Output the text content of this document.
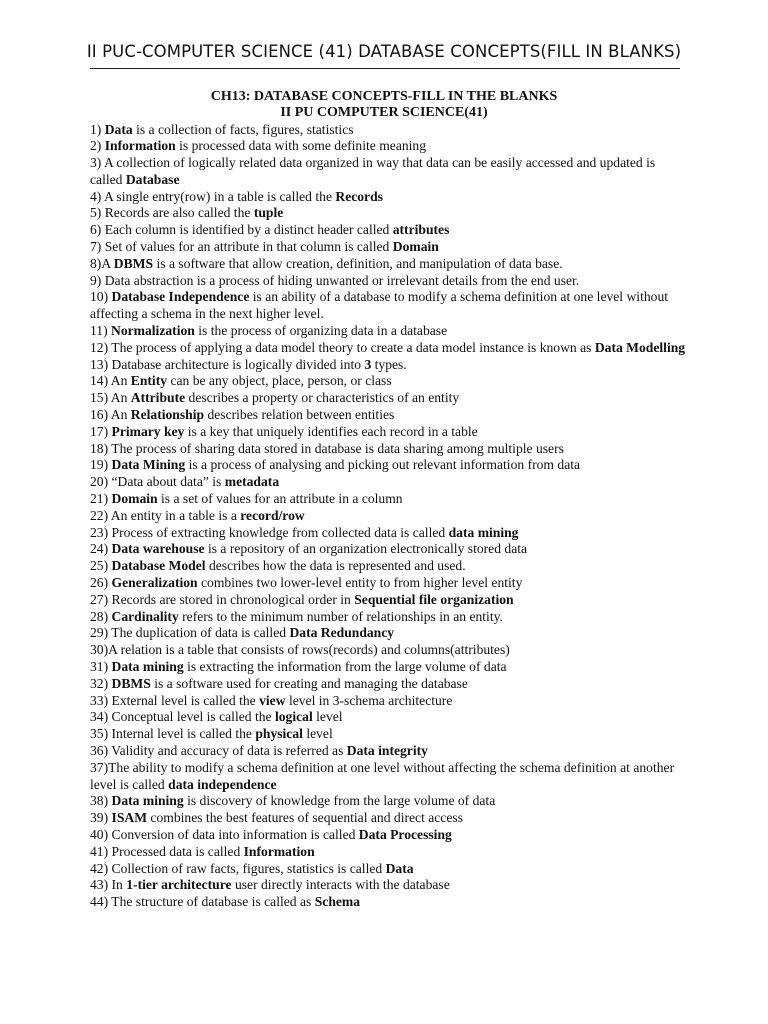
II PUC-COMPUTER SCIENCE (41) DATABASE CONCEPTS(FILL IN BLANKS)
CH13: DATABASE CONCEPTS-FILL IN THE BLANKS
II PU COMPUTER SCIENCE(41)

1) Data is a collection of facts, figures, statistics

2) Information is processed data with some definite meaning

3) A collection of logically related data organized in way that data can be easily accessed and updated is called Database

4) A single entry(row) in a table is called the Records

5) Records are also called the tuple

6) Each column is identified by a distinct header called attributes

7) Set of values for an attribute in that column is called Domain

8)A DBMS is a software that allow creation, definition, and manipulation of data base.

9) Data abstraction is a process of hiding unwanted or irrelevant details from the end user.

10) Database Independence is an ability of a database to modify a schema definition at one level without affecting a schema in the next higher level.

11) Normalization is the process of organizing data in a database

12) The process of applying a data model theory to create a data model instance is known as Data Modelling

13) Database architecture is logically divided into 3 types.

14) An Entity can be any object, place, person, or class

15) An Attribute describes a property or characteristics of an entity

16) An Relationship describes relation between entities

17) Primary key is a key that uniquely identifies each record in a table

18) The process of sharing data stored in database is data sharing among multiple users

19) Data Mining is a process of analysing and picking out relevant information from data

20) “Data about data” is metadata

21) Domain is a set of values for an attribute in a column

22) An entity in a table is a record/row

23) Process of extracting knowledge from collected data is called data mining

24) Data warehouse is a repository of an organization electronically stored data

25) Database Model describes how the data is represented and used.

26) Generalization combines two lower-level entity to from higher level entity

27) Records are stored in chronological order in Sequential file organization

28) Cardinality refers to the minimum number of relationships in an entity.

29) The duplication of data is called Data Redundancy

30)A relation is a table that consists of rows(records) and columns(attributes)

31) Data mining is extracting the information from the large volume of data

32) DBMS is a software used for creating and managing the database

33) External level is called the view level in 3-schema architecture

34) Conceptual level is called the logical level

35) Internal level is called the physical level

36) Validity and accuracy of data is referred as Data integrity

37)The ability to modify a schema definition at one level without affecting the schema definition at another level is called data independence

38) Data mining is discovery of knowledge from the large volume of data

39) ISAM combines the best features of sequential and direct access

40) Conversion of data into information is called Data Processing

41) Processed data is called Information

42) Collection of raw facts, figures, statistics is called Data

43) In 1-tier architecture user directly interacts with the database

44) The structure of database is called as Schema
